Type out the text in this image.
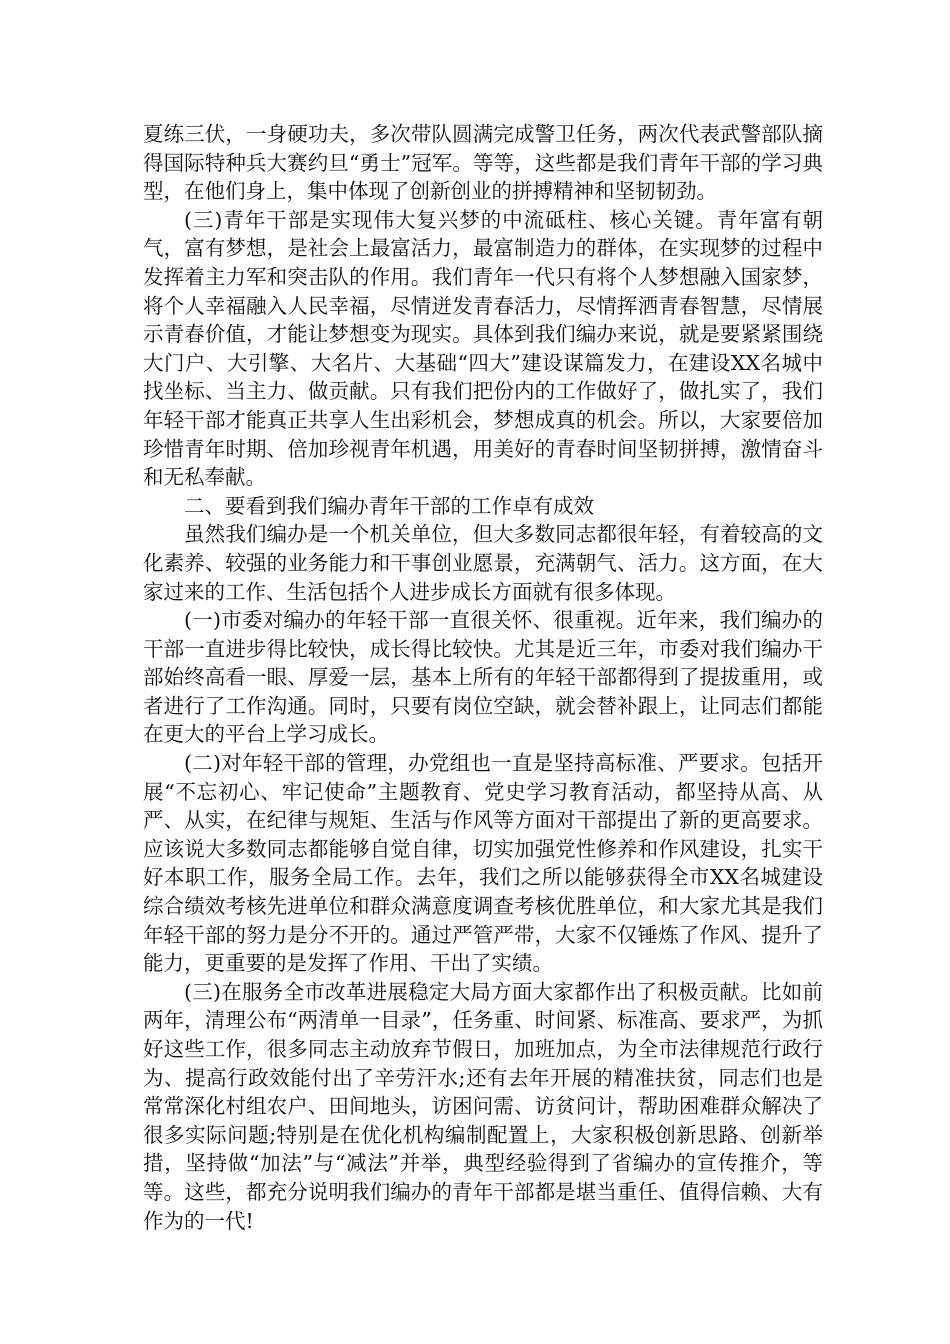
夏练三伏，一身硬功夫，多次带队圆满完成警卫任务，两次代表武警部队摘得国际特种兵大赛约旦“勇士”冠军。等等，这些都是我们青年干部的学习典型，在他们身上，集中体现了创新创业的拼搏精神和坚韧韧劲。

(三)青年干部是实现伟大复兴梦的中流砥柱、核心关键。青年富有朝气，富有梦想，是社会上最富活力，最富制造力的群体，在实现梦的过程中发挥着主力军和突击队的作用。我们青年一代只有将个人梦想融入国家梦，将个人幸福融入人民幸福，尽情迸发青春活力，尽情挥洒青春智慧，尽情展示青春价值，才能让梦想变为现实。具体到我们编办来说，就是要紧紧围绕大门户、大引擎、大名片、大基础“四大”建设谋篇发力，在建设XX名城中找坐标、当主力、做贡献。只有我们把份内的工作做好了，做扎实了，我们年轻干部才能真正共享人生出彩机会，梦想成真的机会。所以，大家要倍加珍惜青年时期、倍加珍视青年机遇，用美好的青春时间坚韧拼搏，激情奋斗和无私奉献。

二、要看到我们编办青年干部的工作卓有成效

虽然我们编办是一个机关单位，但大多数同志都很年轻，有着较高的文化素养、较强的业务能力和干事创业愿景，充满朝气、活力。这方面，在大家过来的工作、生活包括个人进步成长方面就有很多体现。

(一)市委对编办的年轻干部一直很关怀、很重视。近年来，我们编办的干部一直进步得比较快，成长得比较快。尤其是近三年，市委对我们编办干部始终高看一眼、厚爱一层，基本上所有的年轻干部都得到了提拔重用，或者进行了工作沟通。同时，只要有岗位空缺，就会替补跟上，让同志们都能在更大的平台上学习成长。

(二)对年轻干部的管理，办党组也一直是坚持高标准、严要求。包括开展“不忘初心、牢记使命”主题教育、党史学习教育活动，都坚持从高、从严、从实，在纪律与规矩、生活与作风等方面对干部提出了新的更高要求。应该说大多数同志都能够自觉自律，切实加强党性修养和作风建设，扎实干好本职工作，服务全局工作。去年，我们之所以能够获得全市XX名城建设综合绩效考核先进单位和群众满意度调查考核优胜单位，和大家尤其是我们年轻干部的努力是分不开的。通过严管严带，大家不仅锤炼了作风、提升了能力，更重要的是发挥了作用、干出了实绩。

(三)在服务全市改革进展稳定大局方面大家都作出了积极贡献。比如前两年，清理公布“两清单一目录”，任务重、时间紧、标准高、要求严，为抓好这些工作，很多同志主动放弃节假日，加班加点，为全市法律规范行政行为、提高行政效能付出了辛劳汗水;还有去年开展的精准扶贫，同志们也是常常深化村组农户、田间地头，访困问需、访贫问计，帮助困难群众解决了很多实际问题;特别是在优化机构编制配置上，大家积极创新思路、创新举措，坚持做“加法”与“减法”并举，典型经验得到了省编办的宣传推介，等等。这些，都充分说明我们编办的青年干部都是堪当重任、值得信赖、大有作为的一代!
